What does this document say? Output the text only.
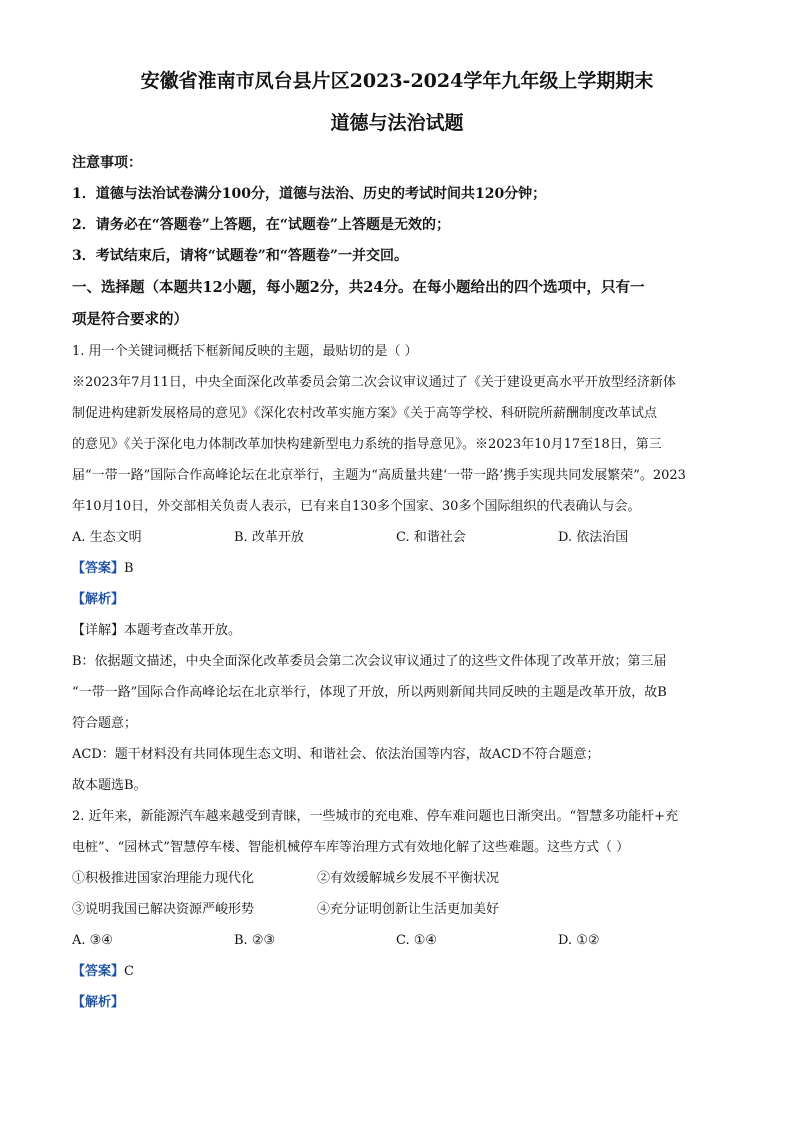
安徽省淮南市凤台县片区2023-2024学年九年级上学期期末
道德与法治试题
注意事项：
1．道德与法治试卷满分100分，道德与法治、历史的考试时间共120分钟；
2．请务必在“答题卷”上答题，在“试题卷”上答题是无效的；
3．考试结束后，请将“试题卷”和“答题卷”一并交回。
一、选择题（本题共12小题，每小题2分，共24分。在每小题给出的四个选项中，只有一
项是符合要求的）
1. 用一个关键词概括下框新闻反映的主题，最贴切的是（ ）
※2023年7月11日，中央全面深化改革委员会第二次会议审议通过了《关于建设更高水平开放型经济新体
制促进构建新发展格局的意见》《深化农村改革实施方案》《关于高等学校、科研院所薪酬制度改革试点
的意见》《关于深化电力体制改革加快构建新型电力系统的指导意见》。※2023年10月17至18日，第三
届“一带一路”国际合作高峰论坛在北京举行，主题为“高质量共建‘一带一路’携手实现共同发展繁荣”。2023
年10月10日，外交部相关负责人表示，已有来自130多个国家、30多个国际组织的代表确认与会。
A. 生态文明	B. 改革开放	C. 和谐社会	D. 依法治国
【答案】B
【解析】
【详解】本题考查改革开放。
B：依据题文描述，中央全面深化改革委员会第二次会议审议通过了的这些文件体现了改革开放；第三届
“一带一路”国际合作高峰论坛在北京举行，体现了开放，所以两则新闻共同反映的主题是改革开放，故B
符合题意；
ACD：题干材料没有共同体现生态文明、和谐社会、依法治国等内容，故ACD不符合题意；
故本题选B。
2. 近年来，新能源汽车越来越受到青睐，一些城市的充电难、停车难问题也日渐突出。“智慧多功能杆+充
电桩”、“园林式”智慧停车楼、智能机械停车库等治理方式有效地化解了这些难题。这些方式（ ）
①积极推进国家治理能力现代化	②有效缓解城乡发展不平衡状况
③说明我国已解决资源严峻形势	④充分证明创新让生活更加美好
A. ③④	B. ②③	C. ①④	D. ①②
【答案】C
【解析】
